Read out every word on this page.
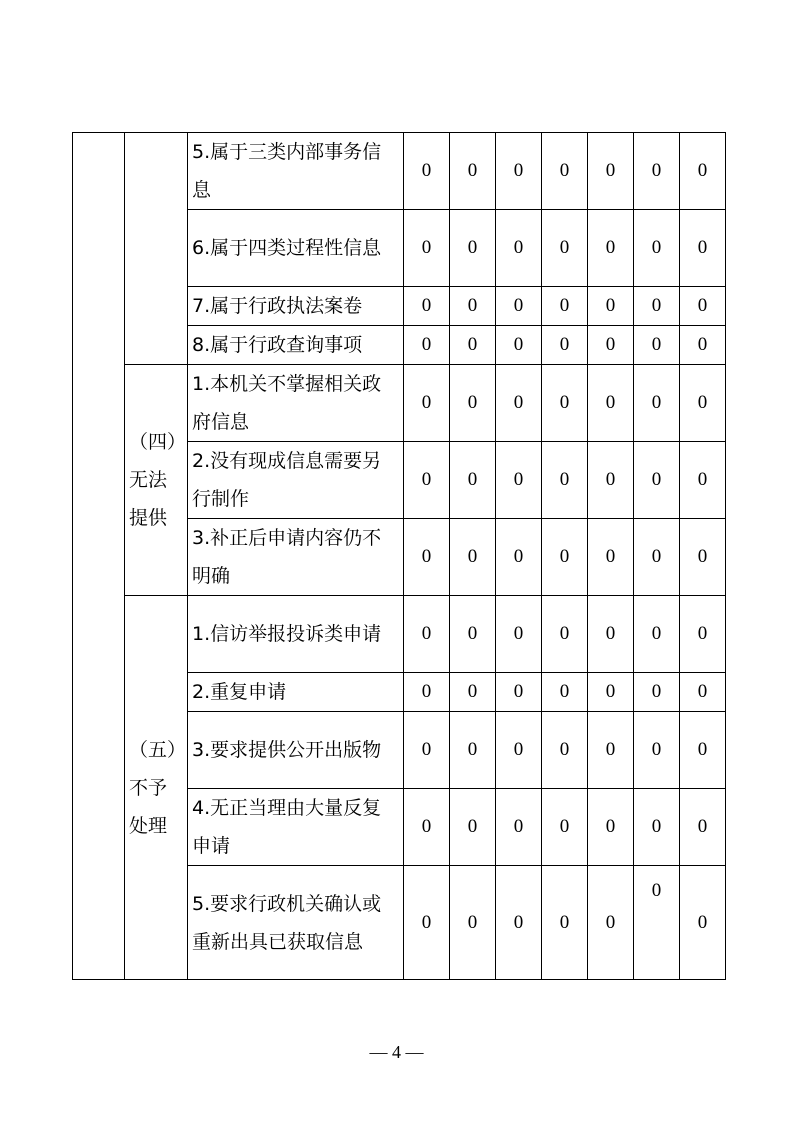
		5.属于三类内部事务信息	0	0	0	0	0	0	0

		6.属于四类过程性信息	0	0	0	0	0	0	0

		7.属于行政执法案卷	0	0	0	0	0	0	0

		8.属于行政查询事项	0	0	0	0	0	0	0

	（四）
无法
提供	1.本机关不掌握相关政府信息	0	0	0	0	0	0	0

		2.没有现成信息需要另行制作	0	0	0	0	0	0	0

		3.补正后申请内容仍不明确	0	0	0	0	0	0	0

	（五）
不予
处理	1.信访举报投诉类申请	0	0	0	0	0	0	0

		2.重复申请	0	0	0	0	0	0	0

		3.要求提供公开出版物	0	0	0	0	0	0	0

		4.无正当理由大量反复申请	0	0	0	0	0	0	0

		5.要求行政机关确认或重新出具已获取信息	0	0	0	0	0	0	0
— 4 —
